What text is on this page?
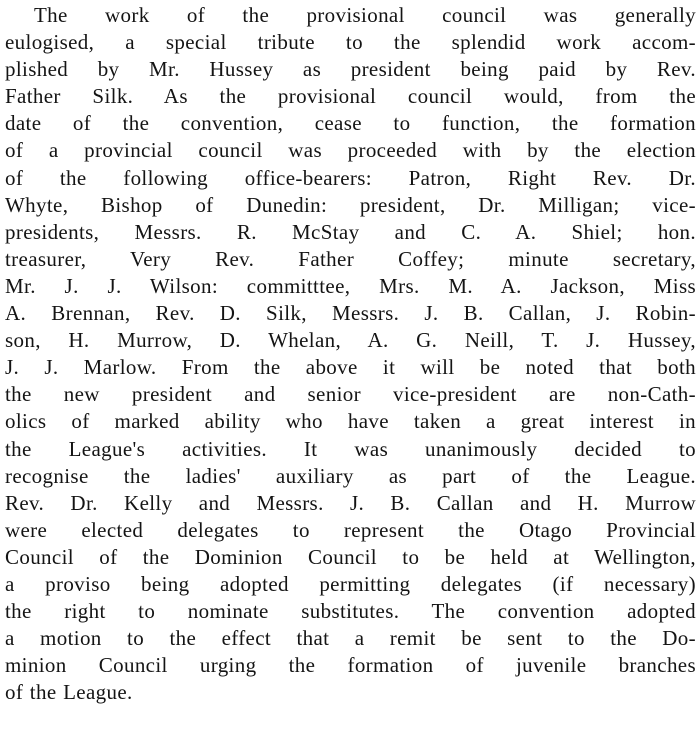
The work of the provisional council was generally
eulogised, a special tribute to the splendid work accom-
plished by Mr. Hussey as president being paid by Rev.
Father Silk. As the provisional council would, from the
date of the convention, cease to function, the formation
of a provincial council was proceeded with by the election
of the following office-bearers: Patron, Right Rev. Dr.
Whyte, Bishop of Dunedin: president, Dr. Milligan; vice-
presidents, Messrs. R. McStay and C. A. Shiel; hon.
treasurer, Very Rev. Father Coffey; minute secretary,
Mr. J. J. Wilson: committtee, Mrs. M. A. Jackson, Miss
A. Brennan, Rev. D. Silk, Messrs. J. B. Callan, J. Robin-
son, H. Murrow, D. Whelan, A. G. Neill, T. J. Hussey,
J. J. Marlow. From the above it will be noted that both
the new president and senior vice-president are non-Cath-
olics of marked ability who have taken a great interest in
the League's activities. It was unanimously decided to
recognise the ladies' auxiliary as part of the League.
Rev. Dr. Kelly and Messrs. J. B. Callan and H. Murrow
were elected delegates to represent the Otago Provincial
Council of the Dominion Council to be held at Wellington,
a proviso being adopted permitting delegates (if necessary)
the right to nominate substitutes. The convention adopted
a motion to the effect that a remit be sent to the Do-
minion Council urging the formation of juvenile branches
of the League.
